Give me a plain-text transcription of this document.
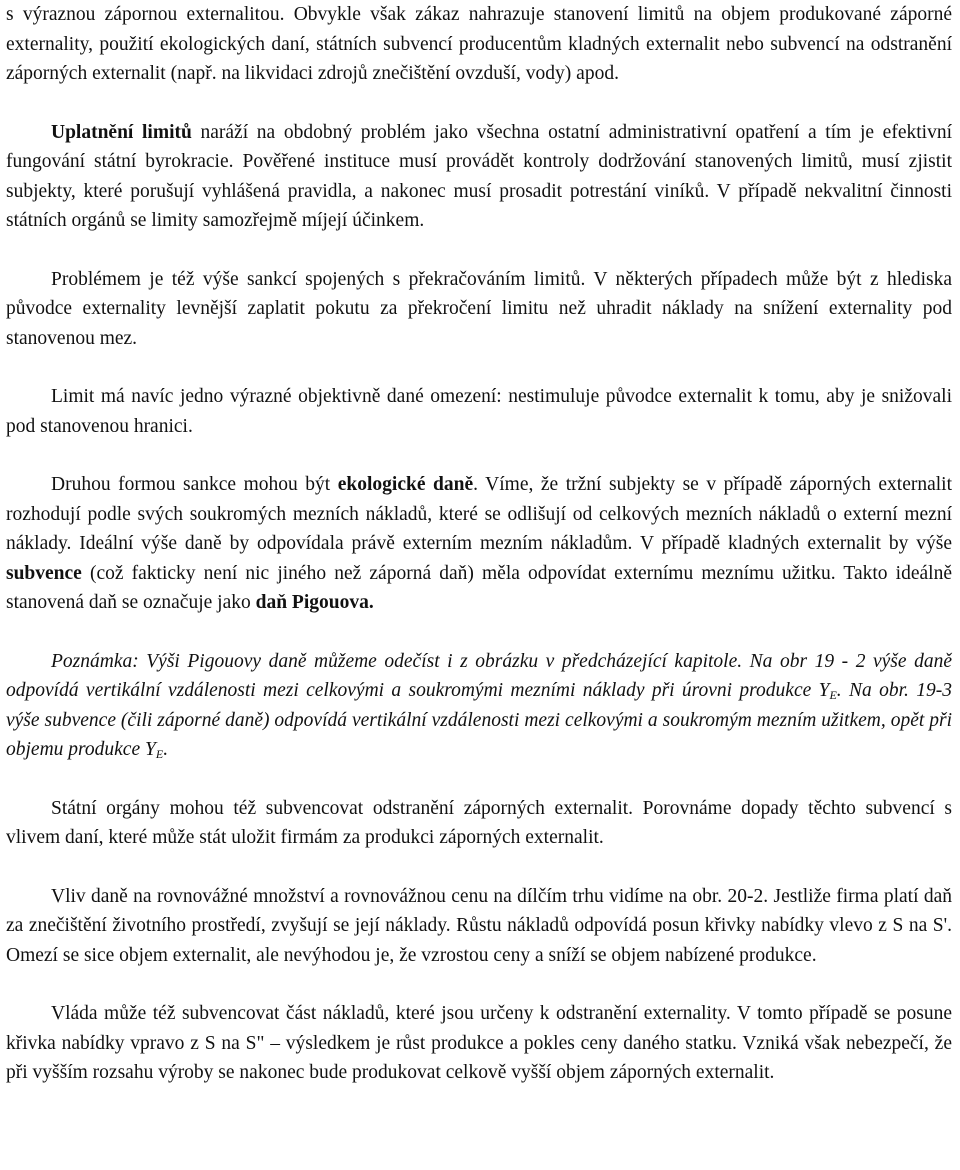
s výraznou zápornou externalitou. Obvykle však zákaz nahrazuje stanovení limitů na objem produkované záporné externality, použití ekologických daní, státních subvencí producentům kladných externalit nebo subvencí na odstranění záporných externalit (např. na likvidaci zdrojů znečištění ovzduší, vody) apod.

Uplatnění limitů naráží na obdobný problém jako všechna ostatní administrativní opatření a tím je efektivní fungování státní byrokracie. Pověřené instituce musí provádět kontroly dodržování stanovených limitů, musí zjistit subjekty, které porušují vyhlášená pravidla, a nakonec musí prosadit potrestání viníků. V případě nekvalitní činnosti státních orgánů se limity samozřejmě míjejí účinkem.

Problémem je též výše sankcí spojených s překračováním limitů. V některých případech může být z hlediska původce externality levnější zaplatit pokutu za překročení limitu než uhradit náklady na snížení externality pod stanovenou mez.

Limit má navíc jedno výrazné objektivně dané omezení: nestimuluje původce externalit k tomu, aby je snižovali pod stanovenou hranici.

Druhou formou sankce mohou být ekologické daně. Víme, že tržní subjekty se v případě záporných externalit rozhodují podle svých soukromých mezních nákladů, které se odlišují od celkových mezních nákladů o externí mezní náklady. Ideální výše daně by odpovídala právě externím mezním nákladům. V případě kladných externalit by výše subvence (což fakticky není nic jiného než záporná daň) měla odpovídat externímu meznímu užitku. Takto ideálně stanovená daň se označuje jako daň Pigouova.

Poznámka: Výši Pigouovy daně můžeme odečíst i z obrázku v předcházející kapitole. Na obr 19 - 2 výše daně odpovídá vertikální vzdálenosti mezi celkovými a soukromými mezními náklady při úrovni produkce $Y_E$. Na obr. 19-3 výše subvence (čili záporné daně) odpovídá vertikální vzdálenosti mezi celkovými a soukromým mezním užitkem, opět při objemu produkce $Y_E$.

Státní orgány mohou též subvencovat odstranění záporných externalit. Porovnáme dopady těchto subvencí s vlivem daní, které může stát uložit firmám za produkci záporných externalit.

Vliv daně na rovnovážné množství a rovnovážnou cenu na dílčím trhu vidíme na obr. 20-2. Jestliže firma platí daň za znečištění životního prostředí, zvyšují se její náklady. Růstu nákladů odpovídá posun křivky nabídky vlevo z S na S'. Omezí se sice objem externalit, ale nevýhodou je, že vzrostou ceny a sníží se objem nabízené produkce.

Vláda může též subvencovat část nákladů, které jsou určeny k odstranění externality. V tomto případě se posune křivka nabídky vpravo z S na S" – výsledkem je růst produkce a pokles ceny daného statku. Vzniká však nebezpečí, že při vyšším rozsahu výroby se nakonec bude produkovat celkově vyšší objem záporných externalit.
